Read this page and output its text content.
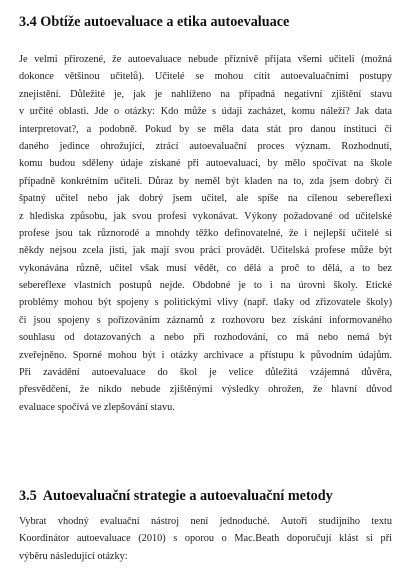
3.4 Obtíže autoevaluace a etika autoevaluace
Je velmi přirozené, že autoevaluace nebude příznivě přijata všemi učiteli (možná
dokonce většinou učitelů). Učitelé se mohou cítit autoevaluačními postupy
znejistění. Důležité je, jak je nahlíženo na případná negativní zjištění stavu
v určité oblasti. Jde o otázky: Kdo může s údaji zacházet, komu náleží? Jak data
interpretovat?, a podobně. Pokud by se měla data stát pro danou instituci či
daného jedince ohrožující, ztrácí autoevaluační proces význam. Rozhodnutí,
komu budou sděleny údaje získané při autoevaluaci, by mělo spočívat na škole
případně konkrétním učiteli. Důraz by neměl být kladen na to, zda jsem dobrý či
špatný učitel nebo jak dobrý jsem učitel, ale spíše na cílenou sebereflexi
z hlediska způsobu, jak svou profesi vykonávat. Výkony požadované od učitelské
profese jsou tak různorodé a mnohdy těžko definovatelné, že i nejlepší učitelé si
někdy nejsou zcela jisti, jak mají svou práci provádět. Učitelská profese může být
vykonávána různě, učitel však musí vědět, co dělá a proč to dělá, a to bez
sebereflexe vlastních postupů nejde. Obdobné je to i na úrovni školy. Etické
problémy mohou být spojeny s politickými vlivy (např. tlaky od zřizovatele školy)
či jsou spojeny s pořizováním záznamů z rozhovoru bez získání informovaného
souhlasu od dotazovaných a nebo při rozhodování, co má nebo nemá být
zveřejněno. Sporné mohou být i otázky archivace a přístupu k původním údajům.
Při zavádění autoevaluace do škol je velice důležitá vzájemná důvěra,
přesvědčení, že nikdo nebude zjištěnými výsledky ohrožen, že hlavní důvod
evaluace spočívá ve zlepšování stavu.
3.5 Autoevaluační strategie a autoevaluační metody
Vybrat vhodný evaluační nástroj není jednoduché. Autoři studijního textu
Koordinátor autoevaluace (2010) s oporou o Mac.Beath doporučují klást si při
výběru následující otázky:
